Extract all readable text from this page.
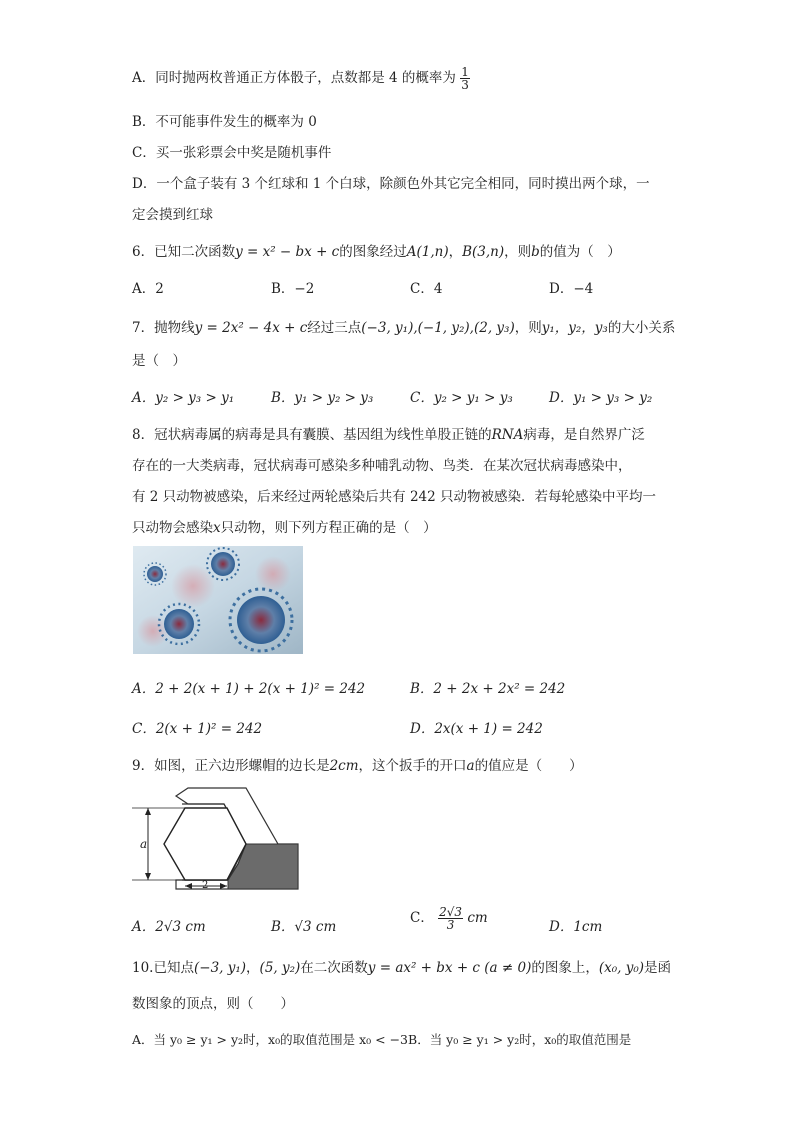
A．同时抛两枚普通正方体骰子，点数都是 4 的概率为 $\frac{1}{3}$
B．不可能事件发生的概率为 0
C．买一张彩票会中奖是随机事件
D．一个盒子装有 3 个红球和 1 个白球，除颜色外其它完全相同，同时摸出两个球，一
定会摸到红球
6．已知二次函数y = x² − bx + c的图象经过A(1,n)，B(3,n)，则b的值为（　）
A．2	B．−2	C．4	D．−4
7．抛物线y = 2x² − 4x + c经过三点(−3, y₁),(−1, y₂),(2, y₃)，则y₁，y₂，y₃的大小关系
是（　）
A．y₂ > y₃ > y₁	B．y₁ > y₂ > y₃	C．y₂ > y₁ > y₃	D．y₁ > y₃ > y₂
8．冠状病毒属的病毒是具有囊膜、基因组为线性单股正链的RNA病毒，是自然界广泛
存在的一大类病毒，冠状病毒可感染多种哺乳动物、鸟类．在某次冠状病毒感染中，
有 2 只动物被感染，后来经过两轮感染后共有 242 只动物被感染．若每轮感染中平均一
只动物会感染x只动物，则下列方程正确的是（　）
A．2 + 2(x + 1) + 2(x + 1)² = 242	B．2 + 2x + 2x² = 242
C．2(x + 1)² = 242	D．2x(x + 1) = 242
9．如图，正六边形螺帽的边长是2cm，这个扳手的开口a的值应是（　　）
a
2
A．2√3 cm	B．√3 cm
C． $\frac{2√3}{3}$ cm
D．1cm
10.已知点(−3, y₁)，(5, y₂)在二次函数y = ax² + bx + c (a ≠ 0)的图象上，(x₀, y₀)是函
数图象的顶点，则（　　）
A．当 y₀ ≥ y₁ > y₂时，x₀的取值范围是 x₀ < −3B．当 y₀ ≥ y₁ > y₂时，x₀的取值范围是
